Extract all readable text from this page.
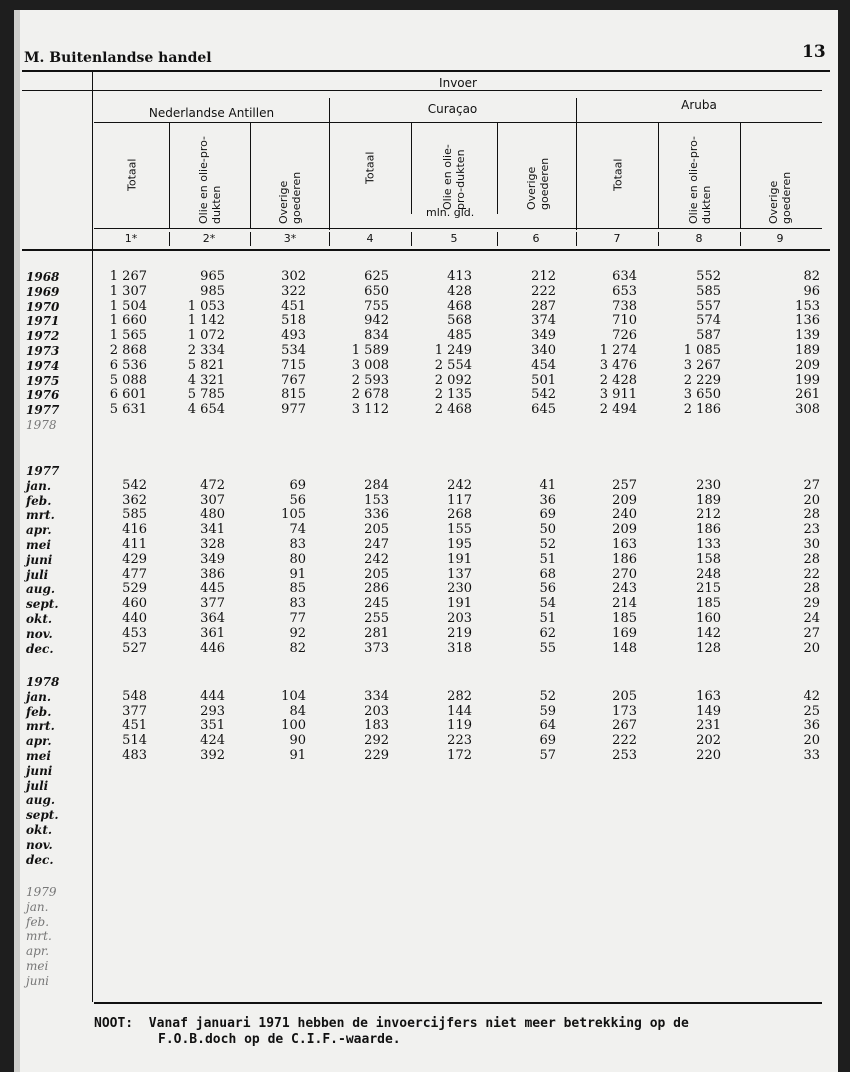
M. Buitenlandse handel	13
Invoer
Nederlandse Antillen	Curaçao	Aruba
Totaal	Olie en olie-pro-dukten	Overige goederen
Totaal	Olie en olie-pro-dukten	Overige goederen	Totaal	Olie en olie-pro-dukten	Overige goederen
mln. gld.
1*	2*	3*	4	5	6	7	8	9
1968	1 267	965	302	625	413	212	634	552	82
1969	1 307	985	322	650	428	222	653	585	96
1970	1 504	1 053	451	755	468	287	738	557	153
1971	1 660	1 142	518	942	568	374	710	574	136
1972	1 565	1 072	493	834	485	349	726	587	139
1973	2 868	2 334	534	1 589	1 249	340	1 274	1 085	189
1974	6 536	5 821	715	3 008	2 554	454	3 476	3 267	209
1975	5 088	4 321	767	2 593	2 092	501	2 428	2 229	199
1976	6 601	5 785	815	2 678	2 135	542	3 911	3 650	261
1977	5 631	4 654	977	3 112	2 468	645	2 494	2 186	308
1978
1977
jan.	542	472	69	284	242	41	257	230	27
feb.	362	307	56	153	117	36	209	189	20
mrt.	585	480	105	336	268	69	240	212	28
apr.	416	341	74	205	155	50	209	186	23
mei	411	328	83	247	195	52	163	133	30
juni	429	349	80	242	191	51	186	158	28
juli	477	386	91	205	137	68	270	248	22
aug.	529	445	85	286	230	56	243	215	28
sept.	460	377	83	245	191	54	214	185	29
okt.	440	364	77	255	203	51	185	160	24
nov.	453	361	92	281	219	62	169	142	27
dec.	527	446	82	373	318	55	148	128	20
1978
jan.	548	444	104	334	282	52	205	163	42
feb.	377	293	84	203	144	59	173	149	25
mrt.	451	351	100	183	119	64	267	231	36
apr.	514	424	90	292	223	69	222	202	20
mei	483	392	91	229	172	57	253	220	33
juni
juli
aug.
sept.
okt.
nov.
dec.
1979
jan.
feb.
mrt.
apr.
mei
juni
NOOT: Vanaf januari 1971 hebben de invoercijfers niet meer betrekking op de
F.O.B.doch op de C.I.F.-waarde.
